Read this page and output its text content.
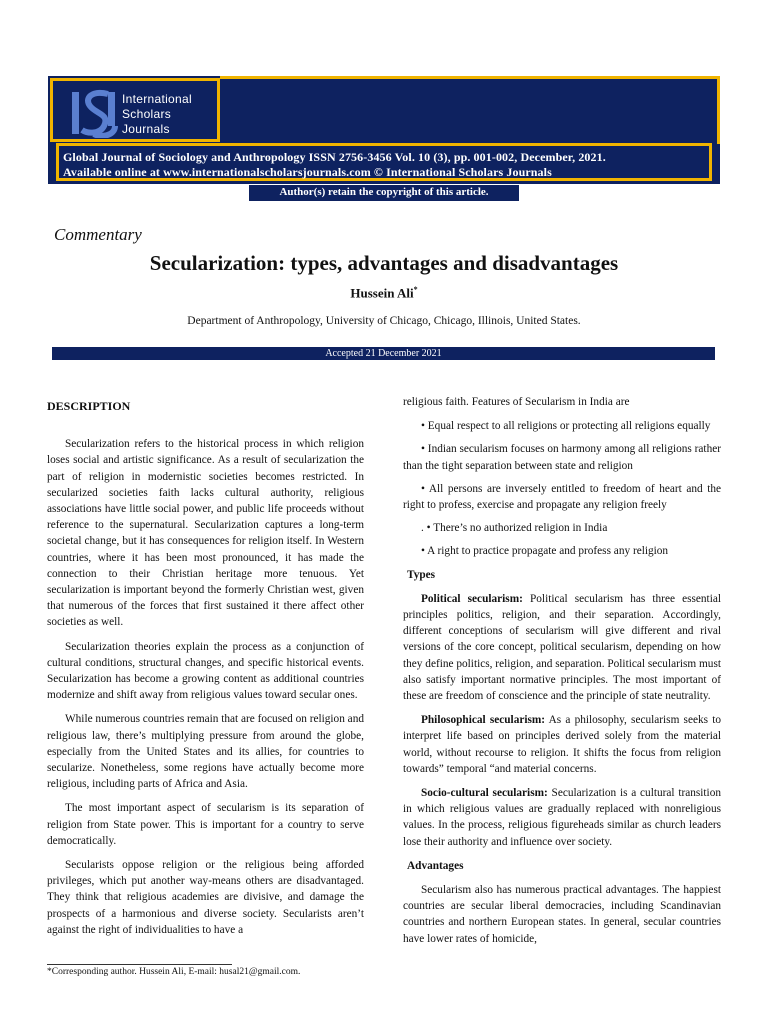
International
Scholars
Journals
Global Journal of Sociology and Anthropology ISSN 2756-3456 Vol. 10 (3), pp. 001-002, December, 2021.
Available online at www.internationalscholarsjournals.com © International Scholars Journals
Author(s) retain the copyright of this article.
Commentary
Secularization: types, advantages and disadvantages
Hussein Ali*
Department of Anthropology, University of Chicago, Chicago, Illinois, United States.
Accepted 21 December 2021

DESCRIPTION

Secularization refers to the historical process in which religion loses social and artistic significance. As a result of secularization the part of religion in modernistic societies becomes restricted. In secularized societies faith lacks cultural authority, religious associations have little social power, and public life proceeds without reference to the supernatural. Secularization captures a long-term societal change, but it has consequences for religion itself. In Western countries, where it has been most pronounced, it has made the connection to their Christian heritage more tenuous. Yet secularization is important beyond the formerly Christian west, given that numerous of the forces that first sustained it there affect other societies as well.

Secularization theories explain the process as a conjunction of cultural conditions, structural changes, and specific historical events. Secularization has become a growing content as additional countries modernize and shift away from religious values toward secular ones.

While numerous countries remain that are focused on religion and religious law, there’s multiplying pressure from around the globe, especially from the United States and its allies, for countries to secularize. Nonetheless, some regions have actually become more religious, including parts of Africa and Asia.

The most important aspect of secularism is its separation of religion from State power. This is important for a country to serve democratically.

Secularists oppose religion or the religious being afforded privileges, which put another way-means others are disadvantaged. They think that religious academies are divisive, and damage the prospects of a harmonious and diverse society. Secularists aren’t against the right of individualities to have a

religious faith. Features of Secularism in India are

• Equal respect to all religions or protecting all religions equally

• Indian secularism focuses on harmony among all religions rather than the tight separation between state and religion

• All persons are inversely entitled to freedom of heart and the right to profess, exercise and propagate any religion freely

. • There’s no authorized religion in India

• A right to practice propagate and profess any religion

Types

Political secularism: Political secularism has three essential principles politics, religion, and their separation. Accordingly, different conceptions of secularism will give different and rival versions of the core concept, political secularism, depending on how they define politics, religion, and separation. Political secularism must also satisfy important normative principles. The most important of these are freedom of conscience and the principle of state neutrality.

Philosophical secularism: As a philosophy, secularism seeks to interpret life based on principles derived solely from the material world, without recourse to religion. It shifts the focus from religion towards” temporal “and material concerns.

Socio-cultural secularism: Secularization is a cultural transition in which religious values are gradually replaced with nonreligious values. In the process, religious figureheads similar as church leaders lose their authority and influence over society.

Advantages

Secularism also has numerous practical advantages. The happiest countries are secular liberal democracies, including Scandinavian countries and northern European states. In general, secular countries have lower rates of homicide,

*Corresponding author. Hussein Ali, E-mail: husal21@gmail.com.
